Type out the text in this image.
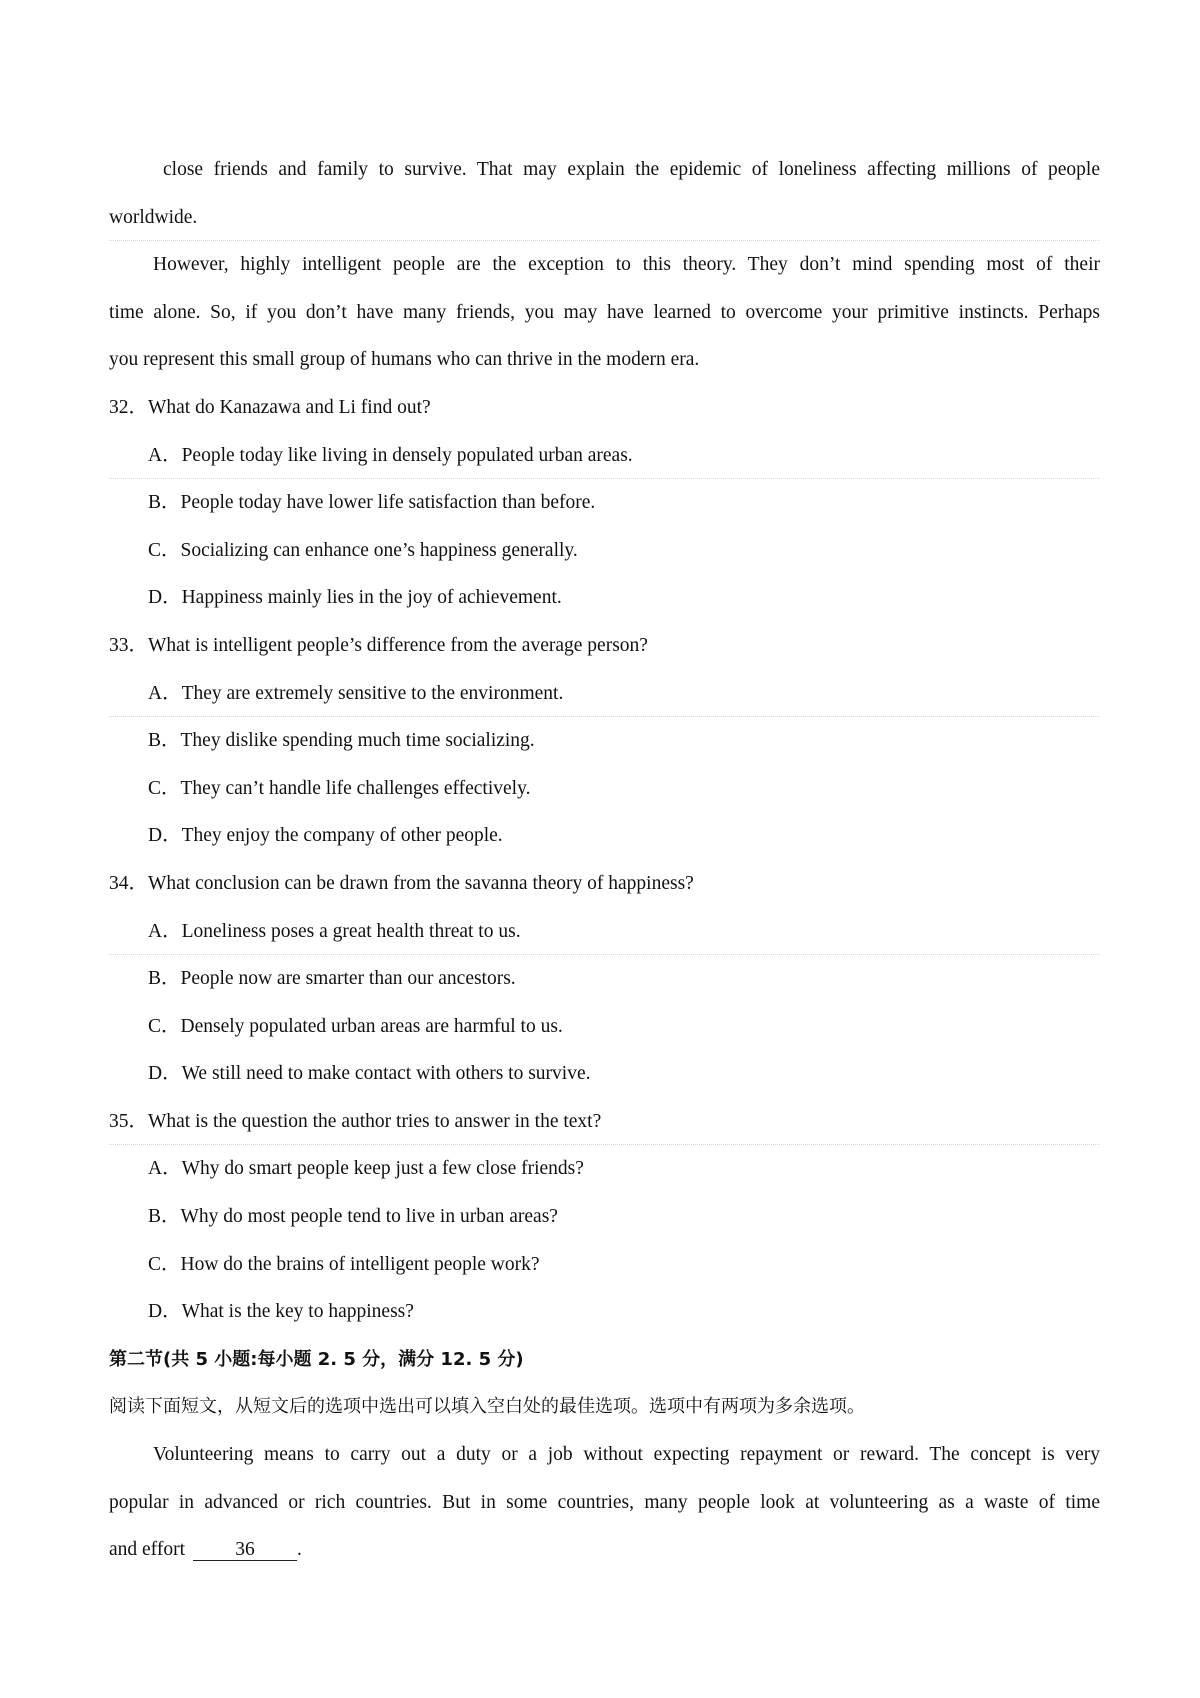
close friends and family to survive. That may explain the epidemic of loneliness affecting millions of people
worldwide.
However, highly intelligent people are the exception to this theory. They don’t mind spending most of their
time alone. So, if you don’t have many friends, you may have learned to overcome your primitive instincts. Perhaps
you represent this small group of humans who can thrive in the modern era.
32．What do Kanazawa and Li find out?
A．People today like living in densely populated urban areas.
B．People today have lower life satisfaction than before.
C．Socializing can enhance one’s happiness generally.
D．Happiness mainly lies in the joy of achievement.
33．What is intelligent people’s difference from the average person?
A．They are extremely sensitive to the environment.
B．They dislike spending much time socializing.
C．They can’t handle life challenges effectively.
D．They enjoy the company of other people.
34．What conclusion can be drawn from the savanna theory of happiness?
A．Loneliness poses a great health threat to us.
B．People now are smarter than our ancestors.
C．Densely populated urban areas are harmful to us.
D．We still need to make contact with others to survive.
35．What is the question the author tries to answer in the text?
A．Why do smart people keep just a few close friends?
B．Why do most people tend to live in urban areas?
C．How do the brains of intelligent people work?
D．What is the key to happiness?
第二节(共 5 小题:每小题 2. 5 分，满分 12. 5 分)
阅读下面短文，从短文后的选项中选出可以填入空白处的最佳选项。选项中有两项为多余选项。
Volunteering means to carry out a duty or a job without expecting repayment or reward. The concept is very
popular in advanced or rich countries. But in some countries, many people look at volunteering as a waste of time
and effort	36 .
